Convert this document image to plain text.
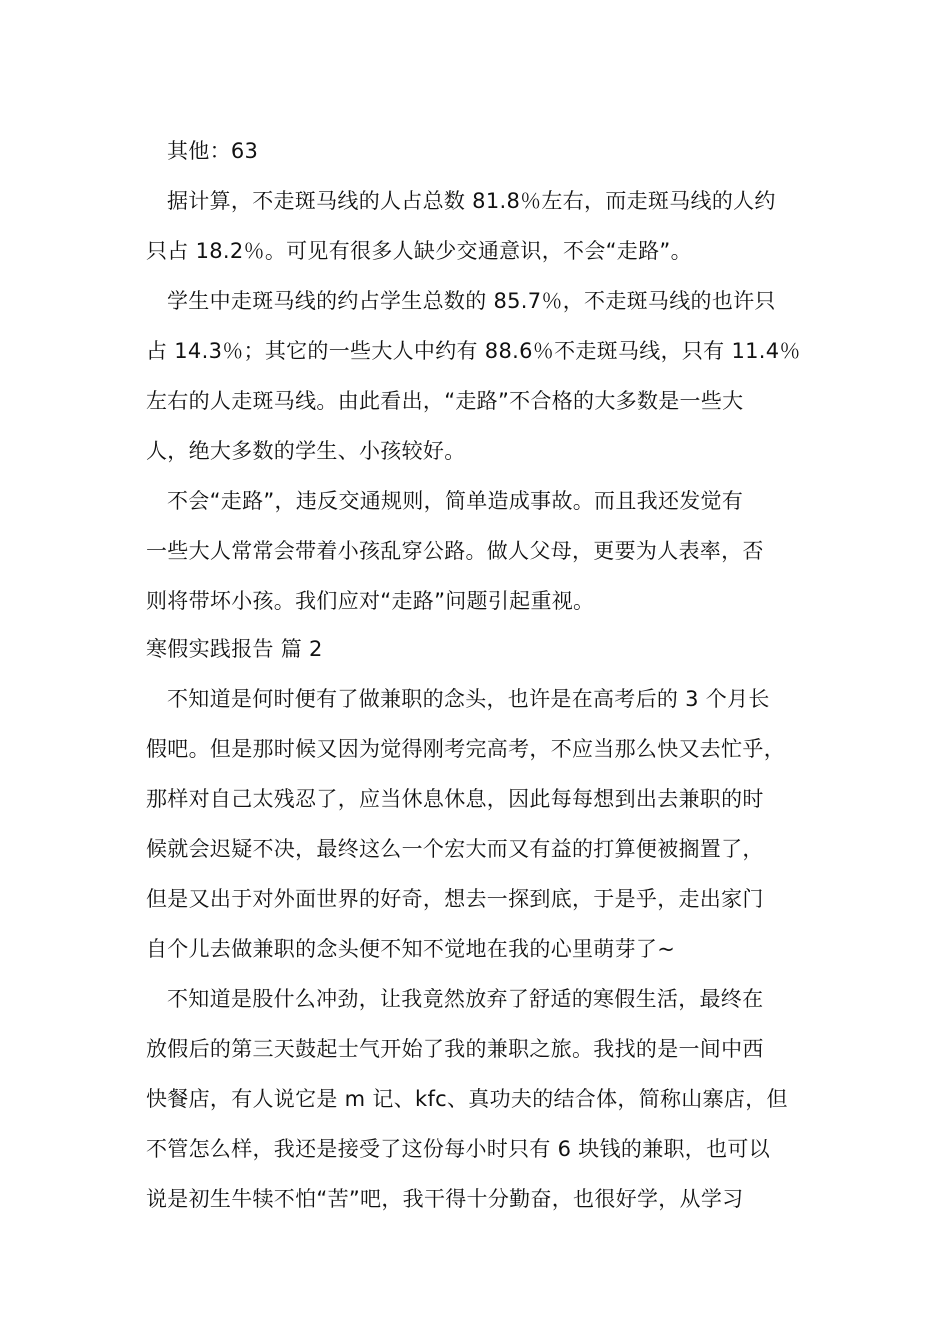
其他：63

据计算，不走斑马线的人占总数 81.8％左右，而走斑马线的人约

只占 18.2％。可见有很多人缺少交通意识，不会“走路”。

学生中走斑马线的约占学生总数的 85.7％，不走斑马线的也许只

占 14.3％；其它的一些大人中约有 88.6％不走斑马线，只有 11.4％

左右的人走斑马线。由此看出，“走路”不合格的大多数是一些大

人，绝大多数的学生、小孩较好。

不会“走路”，违反交通规则，简单造成事故。而且我还发觉有

一些大人常常会带着小孩乱穿公路。做人父母，更要为人表率，否

则将带坏小孩。我们应对“走路”问题引起重视。

寒假实践报告 篇 2

不知道是何时便有了做兼职的念头，也许是在高考后的 3 个月长

假吧。但是那时候又因为觉得刚考完高考，不应当那么快又去忙乎，

那样对自己太残忍了，应当休息休息，因此每每想到出去兼职的时

候就会迟疑不决，最终这么一个宏大而又有益的打算便被搁置了，

但是又出于对外面世界的好奇，想去一探到底，于是乎，走出家门

自个儿去做兼职的念头便不知不觉地在我的心里萌芽了~

不知道是股什么冲劲，让我竟然放弃了舒适的寒假生活，最终在

放假后的第三天鼓起士气开始了我的兼职之旅。我找的是一间中西

快餐店，有人说它是 m 记、kfc、真功夫的结合体，简称山寨店，但

不管怎么样，我还是接受了这份每小时只有 6 块钱的兼职，也可以

说是初生牛犊不怕“苦”吧，我干得十分勤奋，也很好学，从学习
